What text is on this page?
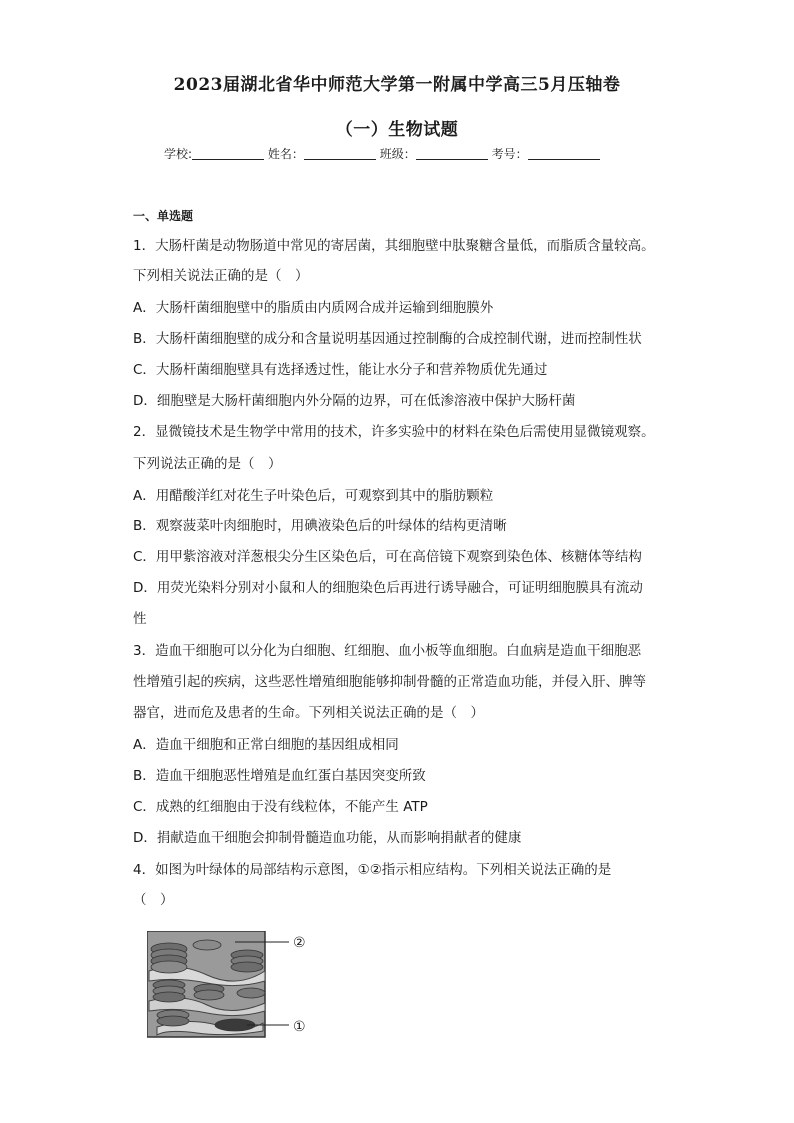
2023届湖北省华中师范大学第一附属中学高三5月压轴卷
（一）生物试题
学校:	姓名：	班级：	考号：
一、单选题
1．大肠杆菌是动物肠道中常见的寄居菌，其细胞壁中肽聚糖含量低，而脂质含量较高。
下列相关说法正确的是（　）
A．大肠杆菌细胞壁中的脂质由内质网合成并运输到细胞膜外
B．大肠杆菌细胞壁的成分和含量说明基因通过控制酶的合成控制代谢，进而控制性状
C．大肠杆菌细胞壁具有选择透过性，能让水分子和营养物质优先通过
D．细胞壁是大肠杆菌细胞内外分隔的边界，可在低渗溶液中保护大肠杆菌
2．显微镜技术是生物学中常用的技术，许多实验中的材料在染色后需使用显微镜观察。
下列说法正确的是（　）
A．用醋酸洋红对花生子叶染色后，可观察到其中的脂肪颗粒
B．观察菠菜叶肉细胞时，用碘液染色后的叶绿体的结构更清晰
C．用甲紫溶液对洋葱根尖分生区染色后，可在高倍镜下观察到染色体、核糖体等结构
D．用荧光染料分别对小鼠和人的细胞染色后再进行诱导融合，可证明细胞膜具有流动
性
3．造血干细胞可以分化为白细胞、红细胞、血小板等血细胞。白血病是造血干细胞恶
性增殖引起的疾病，这些恶性增殖细胞能够抑制骨髓的正常造血功能，并侵入肝、脾等
器官，进而危及患者的生命。下列相关说法正确的是（　）
A．造血干细胞和正常白细胞的基因组成相同
B．造血干细胞恶性增殖是血红蛋白基因突变所致
C．成熟的红细胞由于没有线粒体，不能产生 ATP
D．捐献造血干细胞会抑制骨髓造血功能，从而影响捐献者的健康
4．如图为叶绿体的局部结构示意图，①②指示相应结构。下列相关说法正确的是
（　）
②
①
